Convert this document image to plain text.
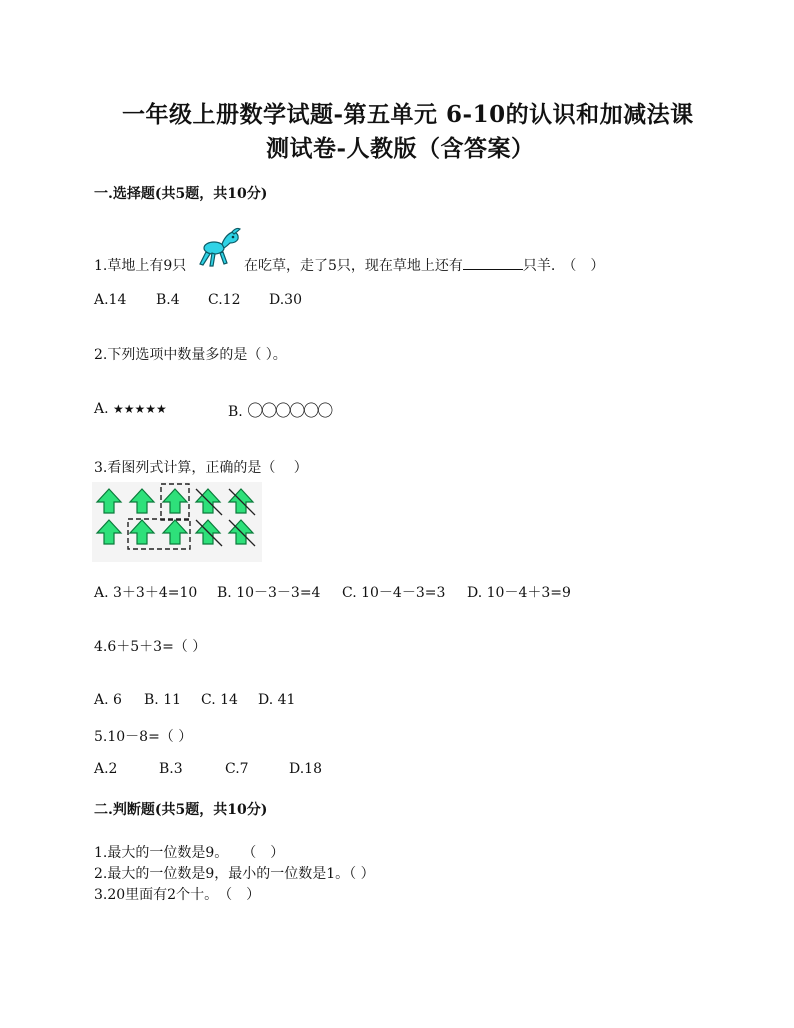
一年级上册数学试题-第五单元 6-10的认识和加减法课
测试卷-人教版（含答案）
一.选择题(共5题，共10分)
1.草地上有9只	在吃草，走了5只，现在草地上还有	只羊.　（　）
A.14 B.4 C.12 D.30
2.下列选项中数量多的是（ ）。
A. ★★★★★	B. 〇〇〇〇〇〇
3.看图列式计算，正确的是（　 ）
A. 3＋3＋4=10 B. 10－3－3=4 C. 10－4－3=3 D. 10－4＋3=9
4.6＋5＋3=（ ）
A. 6 B. 11 C. 14 D. 41
5.10－8=（ ）
A.2	B.3	C.7	D.18
二.判断题(共5题，共10分)
1.最大的一位数是9。　　（　）
2.最大的一位数是9，最小的一位数是1。（ ）
3.20里面有2个十。　（　）
